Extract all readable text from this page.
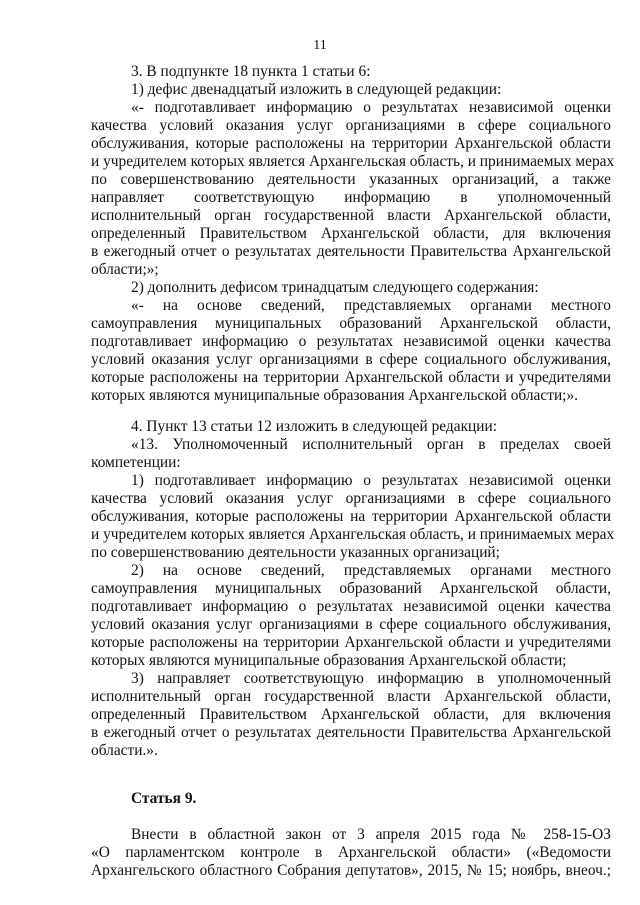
11
3. В подпункте 18 пункта 1 статьи 6:
1) дефис двенадцатый изложить в следующей редакции:
«- подготавливает информацию о результатах независимой оценки
качества условий оказания услуг организациями в сфере социального
обслуживания, которые расположены на территории Архангельской области
и учредителем которых является Архангельская область, и принимаемых мерах
по совершенствованию деятельности указанных организаций, а также
направляет соответствующую информацию в уполномоченный
исполнительный орган государственной власти Архангельской области,
определенный Правительством Архангельской области, для включения
в ежегодный отчет о результатах деятельности Правительства Архангельской
области;»;
2) дополнить дефисом тринадцатым следующего содержания:
«- на основе сведений, представляемых органами местного
самоуправления муниципальных образований Архангельской области,
подготавливает информацию о результатах независимой оценки качества
условий оказания услуг организациями в сфере социального обслуживания,
которые расположены на территории Архангельской области и учредителями
которых являются муниципальные образования Архангельской области;».
4. Пункт 13 статьи 12 изложить в следующей редакции:
«13. Уполномоченный исполнительный орган в пределах своей
компетенции:
1) подготавливает информацию о результатах независимой оценки
качества условий оказания услуг организациями в сфере социального
обслуживания, которые расположены на территории Архангельской области
и учредителем которых является Архангельская область, и принимаемых мерах
по совершенствованию деятельности указанных организаций;
2) на основе сведений, представляемых органами местного
самоуправления муниципальных образований Архангельской области,
подготавливает информацию о результатах независимой оценки качества
условий оказания услуг организациями в сфере социального обслуживания,
которые расположены на территории Архангельской области и учредителями
которых являются муниципальные образования Архангельской области;
3) направляет соответствующую информацию в уполномоченный
исполнительный орган государственной власти Архангельской области,
определенный Правительством Архангельской области, для включения
в ежегодный отчет о результатах деятельности Правительства Архангельской
области.».
Статья 9.
Внести в областной закон от 3 апреля 2015 года № 258-15-ОЗ
«О парламентском контроле в Архангельской области» («Ведомости
Архангельского областного Собрания депутатов», 2015, № 15; ноябрь, внеоч.;
